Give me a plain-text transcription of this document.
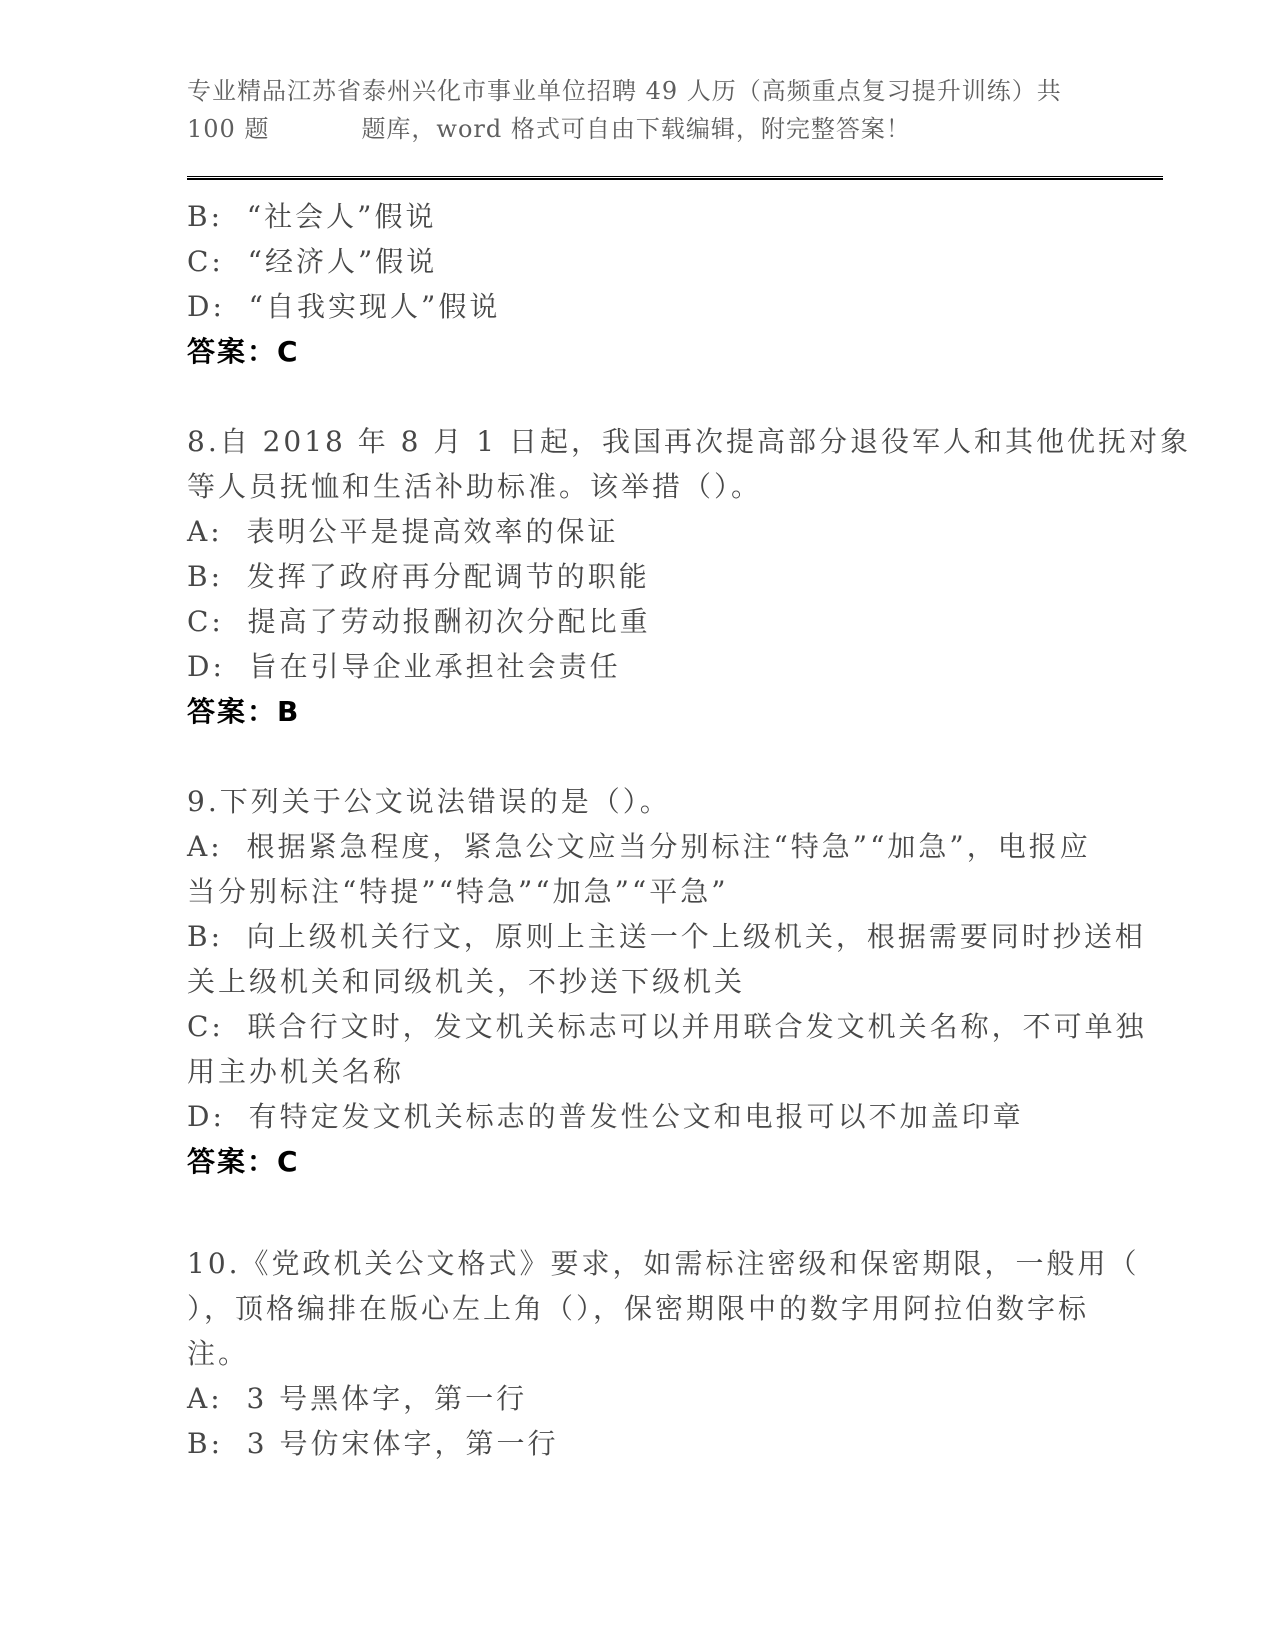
专业精品江苏省泰州兴化市事业单位招聘 49 人历（高频重点复习提升训练）共
100 题	题库，word 格式可自由下载编辑，附完整答案！

B:  “社会人”假说

C:  “经济人”假说

D:  “自我实现人”假说

答案：C

8.自 2018 年 8 月 1 日起，我国再次提高部分退役军人和其他优抚对象

等人员抚恤和生活补助标准。该举措（）。

A:  表明公平是提高效率的保证

B:  发挥了政府再分配调节的职能

C:  提高了劳动报酬初次分配比重

D:  旨在引导企业承担社会责任

答案：B

9.下列关于公文说法错误的是（）。

A:  根据紧急程度，紧急公文应当分别标注“特急”“加急”，电报应

当分别标注“特提”“特急”“加急”“平急”

B:  向上级机关行文，原则上主送一个上级机关，根据需要同时抄送相

关上级机关和同级机关，不抄送下级机关

C:  联合行文时，发文机关标志可以并用联合发文机关名称，不可单独

用主办机关名称

D:  有特定发文机关标志的普发性公文和电报可以不加盖印章

答案：C

10.《党政机关公文格式》要求，如需标注密级和保密期限，一般用（

），顶格编排在版心左上角（），保密期限中的数字用阿拉伯数字标

注。

A:  3 号黑体字，第一行

B:  3 号仿宋体字，第一行
